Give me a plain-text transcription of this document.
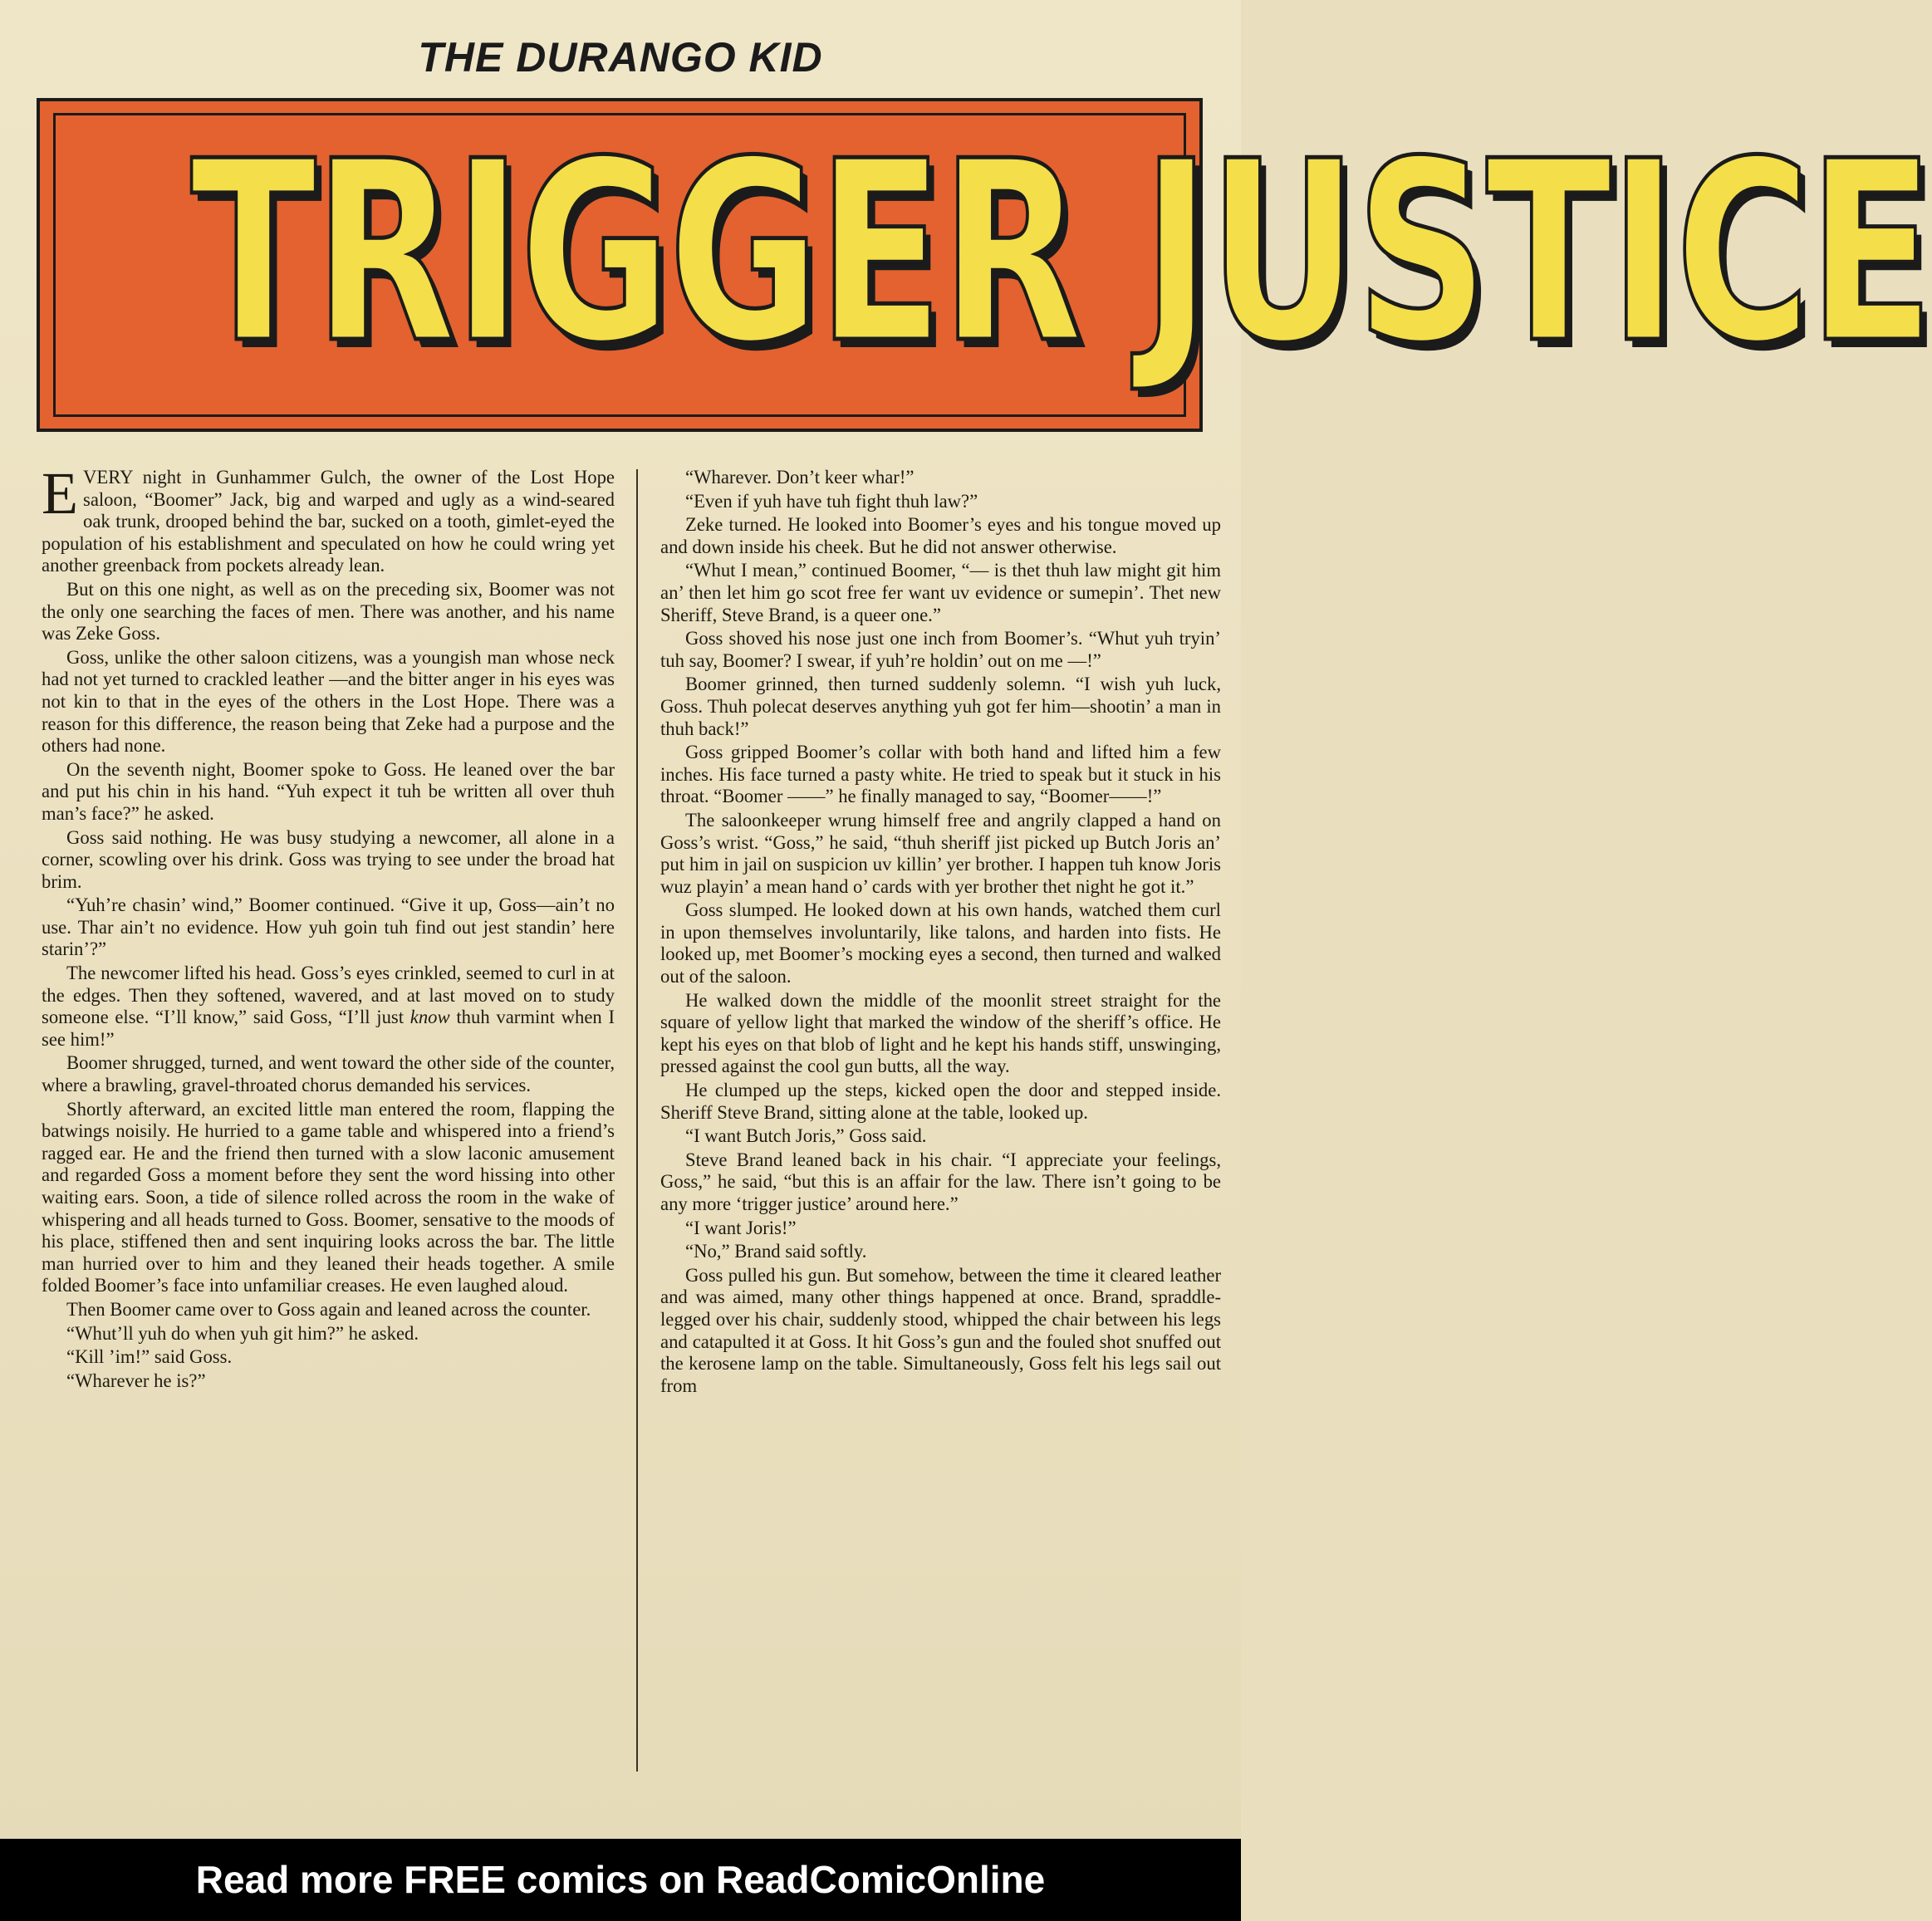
THE DURANGO KID
TRIGGER JUSTICE

EVERY night in Gunhammer Gulch, the owner of the Lost Hope saloon, “Boomer” Jack, big and warped and ugly as a wind-seared oak trunk, drooped behind the bar, sucked on a tooth, gimlet-eyed the population of his establishment and speculated on how he could wring yet another greenback from pockets already lean.

But on this one night, as well as on the preceding six, Boomer was not the only one searching the faces of men. There was another, and his name was Zeke Goss.

Goss, unlike the other saloon citizens, was a youngish man whose neck had not yet turned to crackled leather —and the bitter anger in his eyes was not kin to that in the eyes of the others in the Lost Hope. There was a reason for this difference, the reason being that Zeke had a purpose and the others had none.

On the seventh night, Boomer spoke to Goss. He leaned over the bar and put his chin in his hand. “Yuh expect it tuh be written all over thuh man’s face?” he asked.

Goss said nothing. He was busy studying a newcomer, all alone in a corner, scowling over his drink. Goss was trying to see under the broad hat brim.

“Yuh’re chasin’ wind,” Boomer continued. “Give it up, Goss—ain’t no use. Thar ain’t no evidence. How yuh goin tuh find out jest standin’ here starin’?”

The newcomer lifted his head. Goss’s eyes crinkled, seemed to curl in at the edges. Then they softened, wavered, and at last moved on to study someone else. “I’ll know,” said Goss, “I’ll just know thuh varmint when I see him!”

Boomer shrugged, turned, and went toward the other side of the counter, where a brawling, gravel-throated chorus demanded his services.

Shortly afterward, an excited little man entered the room, flapping the batwings noisily. He hurried to a game table and whispered into a friend’s ragged ear. He and the friend then turned with a slow laconic amusement and regarded Goss a moment before they sent the word hissing into other waiting ears. Soon, a tide of silence rolled across the room in the wake of whispering and all heads turned to Goss. Boomer, sensative to the moods of his place, stiffened then and sent inquiring looks across the bar. The little man hurried over to him and they leaned their heads together. A smile folded Boomer’s face into unfamiliar creases. He even laughed aloud.

Then Boomer came over to Goss again and leaned across the counter.

“Whut’ll yuh do when yuh git him?” he asked.

“Kill ’im!” said Goss.

“Wharever he is?”

“Wharever. Don’t keer whar!”

“Even if yuh have tuh fight thuh law?”

Zeke turned. He looked into Boomer’s eyes and his tongue moved up and down inside his cheek. But he did not answer otherwise.

“Whut I mean,” continued Boomer, “— is thet thuh law might git him an’ then let him go scot free fer want uv evidence or sumepin’. Thet new Sheriff, Steve Brand, is a queer one.”

Goss shoved his nose just one inch from Boomer’s. “Whut yuh tryin’ tuh say, Boomer? I swear, if yuh’re holdin’ out on me —!”

Boomer grinned, then turned suddenly solemn. “I wish yuh luck, Goss. Thuh polecat deserves anything yuh got fer him—shootin’ a man in thuh back!”

Goss gripped Boomer’s collar with both hand and lifted him a few inches. His face turned a pasty white. He tried to speak but it stuck in his throat. “Boomer ——” he finally managed to say, “Boomer——!”

The saloonkeeper wrung himself free and angrily clapped a hand on Goss’s wrist. “Goss,” he said, “thuh sheriff jist picked up Butch Joris an’ put him in jail on suspicion uv killin’ yer brother. I happen tuh know Joris wuz playin’ a mean hand o’ cards with yer brother thet night he got it.”

Goss slumped. He looked down at his own hands, watched them curl in upon themselves involuntarily, like talons, and harden into fists. He looked up, met Boomer’s mocking eyes a second, then turned and walked out of the saloon.

He walked down the middle of the moonlit street straight for the square of yellow light that marked the window of the sheriff’s office. He kept his eyes on that blob of light and he kept his hands stiff, unswinging, pressed against the cool gun butts, all the way.

He clumped up the steps, kicked open the door and stepped inside. Sheriff Steve Brand, sitting alone at the table, looked up.

“I want Butch Joris,” Goss said.

Steve Brand leaned back in his chair. “I appreciate your feelings, Goss,” he said, “but this is an affair for the law. There isn’t going to be any more ‘trigger justice’ around here.”

“I want Joris!”

“No,” Brand said softly.

Goss pulled his gun. But somehow, between the time it cleared leather and was aimed, many other things happened at once. Brand, spraddle-legged over his chair, suddenly stood, whipped the chair between his legs and catapulted it at Goss. It hit Goss’s gun and the fouled shot snuffed out the kerosene lamp on the table. Simultaneously, Goss felt his legs sail out from

Read more FREE comics on ReadComicOnline
